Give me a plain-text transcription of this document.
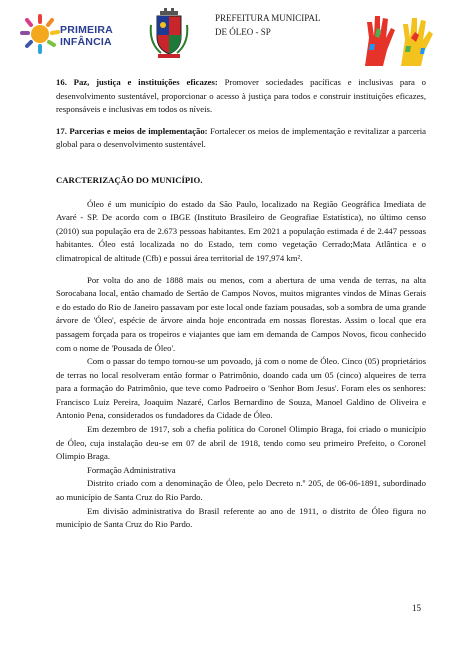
PRIMEIRA
INFÂNCIA
PREFEITURA MUNICIPAL
DE ÓLEO - SP

16. Paz, justiça e instituições eficazes: Promover sociedades pacíficas e inclusivas para o desenvolvimento sustentável, proporcionar o acesso à justiça para todos e construir instituições eficazes, responsáveis e inclusivas em todos os níveis.

17. Parcerias e meios de implementação: Fortalecer os meios de implementação e revitalizar a parceria global para o desenvolvimento sustentável.

CARCTERIZAÇÃO DO MUNICÍPIO.

Óleo é um município do estado da São Paulo, localizado na Região Geográfica Imediata de Avaré - SP. De acordo com o IBGE (Instituto Brasileiro de Geografiae Estatística), no último censo (2010) sua população era de 2.673 pessoas habitantes. Em 2021 a população estimada é de 2.447 pessoas habitantes. Óleo está localizada no do Estado, tem como vegetação Cerrado;Mata Atlântica e o climatropical de altitude (Cfb) e possui área territorial de 197,974 km².

Por volta do ano de 1888 mais ou menos, com a abertura de uma venda de terras, na alta Sorocabana local, então chamado de Sertão de Campos Novos, muitos migrantes vindos de Minas Gerais e do estado do Rio de Janeiro passavam por este local onde faziam pousadas, sob a sombra de uma grande árvore de 'Óleo', espécie de árvore ainda hoje encontrada em nossas florestas. Assim o local que era passagem forçada para os tropeiros e viajantes que iam em demanda de Campos Novos, ficou conhecido com o nome de 'Pousada de Óleo'.

Com o passar do tempo tornou-se um povoado, já com o nome de Óleo. Cinco (05) proprietários de terras no local resolveram então formar o Patrimônio, doando cada um 05 (cinco) alqueires de terra para a formação do Patrimônio, que teve como Padroeiro o 'Senhor Bom Jesus'. Foram eles os senhores: Francisco Luiz Pereira, Joaquim Nazaré, Carlos Bernardino de Souza, Manoel Galdino de Oliveira e Antonio Pena, considerados os fundadores da Cidade de Óleo.

Em dezembro de 1917, sob a chefia política do Coronel Olimpio Braga, foi criado o município de Óleo, cuja instalação deu-se em 07 de abril de 1918, tendo como seu primeiro Prefeito, o Coronel Olimpio Braga.

Formação Administrativa

Distrito criado com a denominação de Óleo, pelo Decreto n.º 205, de 06-06-1891, subordinado ao município de Santa Cruz do Rio Pardo.

Em divisão administrativa do Brasil referente ao ano de 1911, o distrito de Óleo figura no município de Santa Cruz do Rio Pardo.

15
